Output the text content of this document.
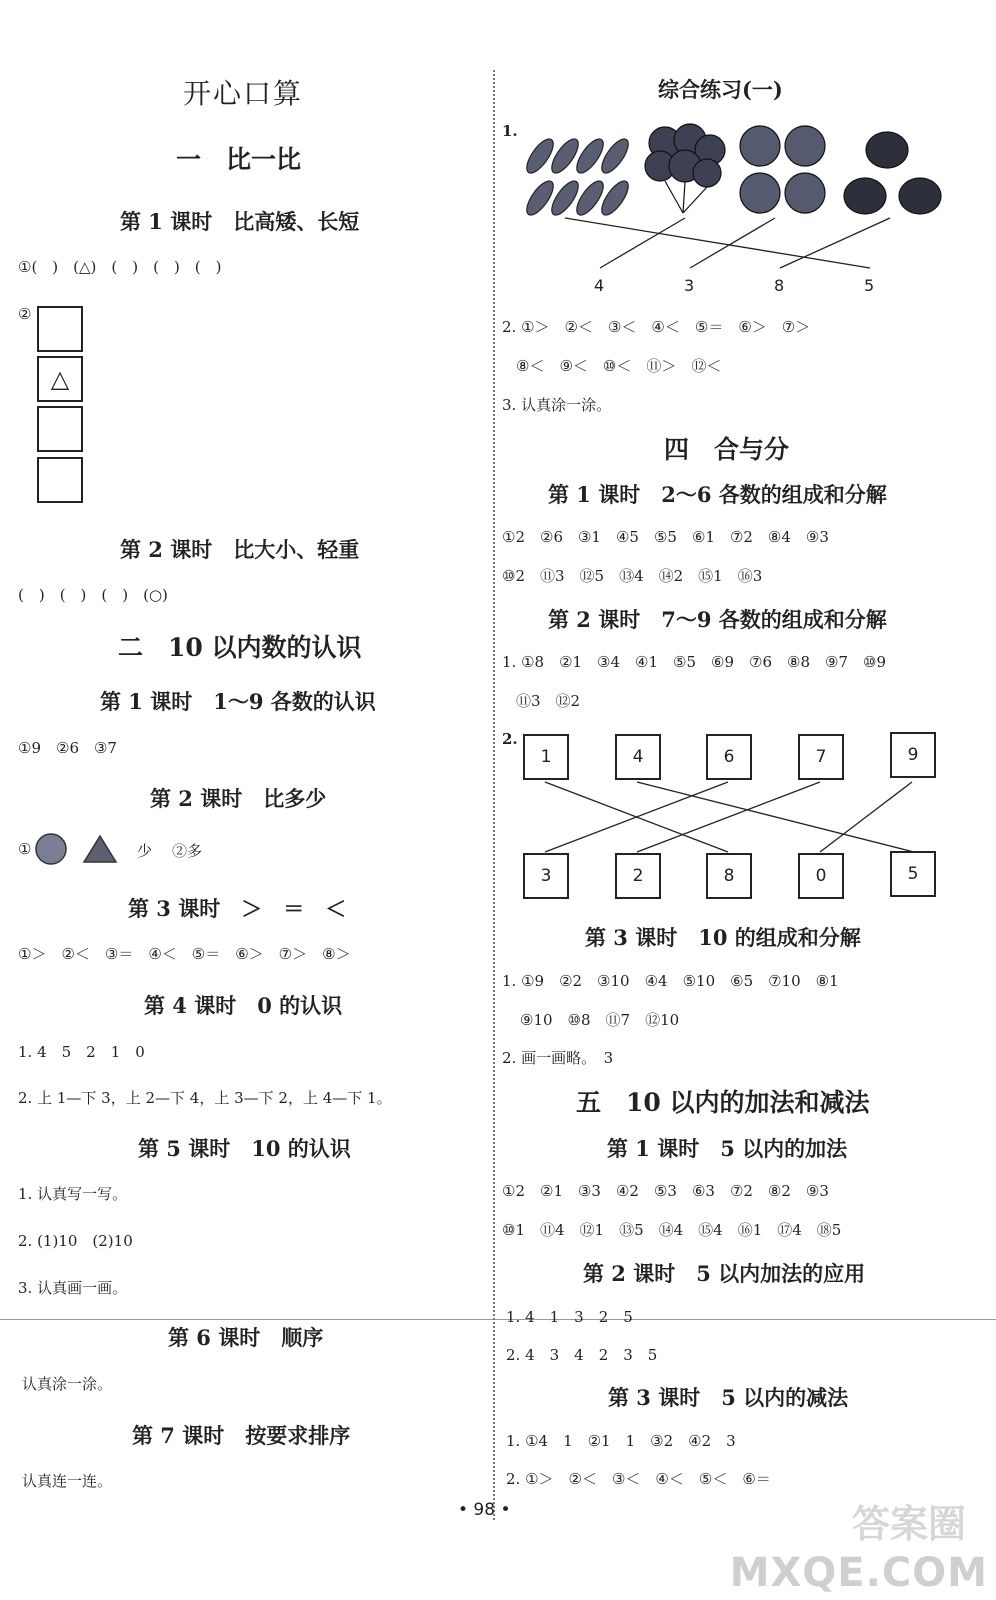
开心口算
一　比一比
第 1 课时　比高矮、长短
①(　)　(△)　(　)　(　)　(　)
②
△
第 2 课时　比大小、轻重
(　)　(　)　(　)　(○)
二　10 以内数的认识
第 1 课时　1～9 各数的认识
①9　②6　③7
第 2 课时　比多少
①	少 ②多
第 3 课时　＞　＝　＜
①＞　②＜　③＝　④＜　⑤＝　⑥＞　⑦＞　⑧＞
第 4 课时　0 的认识
1. 4　5　2　1　0
2. 上 1—下 3，上 2—下 4，上 3—下 2，上 4—下 1。
第 5 课时　10 的认识
1. 认真写一写。
2. (1)10　(2)10
3. 认真画一画。
第 6 课时　顺序
认真涂一涂。
第 7 课时　按要求排序
认真连一连。
综合练习(一)
1.
4	3	8	5
2. ①＞　②＜　③＜　④＜　⑤＝　⑥＞　⑦＞
⑧＜　⑨＜　⑩＜　⑪＞　⑫＜
3. 认真涂一涂。
四　合与分
第 1 课时　2～6 各数的组成和分解
①2　②6　③1　④5　⑤5　⑥1　⑦2　⑧4　⑨3
⑩2　⑪3　⑫5　⑬4　⑭2　⑮1　⑯3
第 2 课时　7～9 各数的组成和分解
1. ①8　②1　③4　④1　⑤5　⑥9　⑦6　⑧8　⑨7　⑩9
⑪3　⑫2
2.
1	4	6	7	9
3	2	8	0	5
第 3 课时　10 的组成和分解
1. ①9　②2　③10　④4　⑤10　⑥5　⑦10　⑧1
⑨10　⑩8　⑪7　⑫10
2. 画一画略。　3
五　10 以内的加法和减法
第 1 课时　5 以内的加法
①2　②1　③3　④2　⑤3　⑥3　⑦2　⑧2　⑨3
⑩1　⑪4　⑫1　⑬5　⑭4　⑮4　⑯1　⑰4　⑱5
第 2 课时　5 以内加法的应用
1. 4　1　3　2　5
2. 4　3　4　2　3　5
第 3 课时　5 以内的减法
1. ①4　1　②1　1　③2　④2　3
2. ①＞　②＜　③＜　④＜　⑤＜　⑥＝
• 98 •	答案圈
MXQE.COM
